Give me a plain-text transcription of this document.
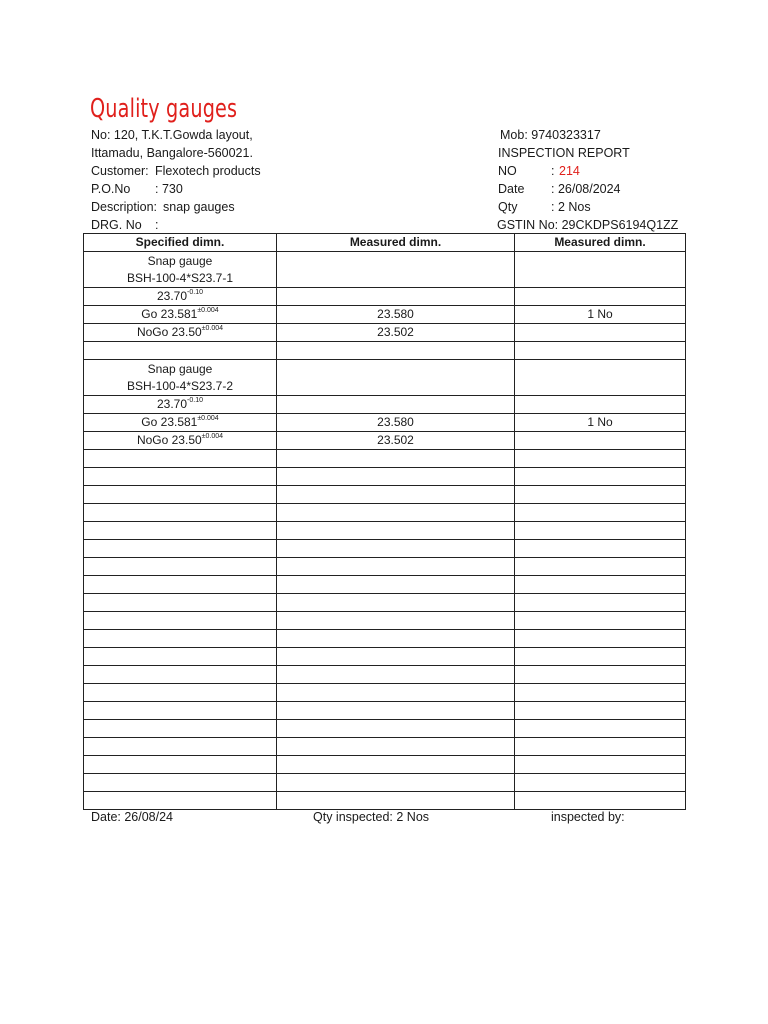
Quality gauges
No: 120, T.K.T.Gowda layout,
Ittamadu, Bangalore-560021.
Customer: Flexotech products
P.O.No : 730
Description: snap gauges
DRG. No :
Mob: 9740323317
INSPECTION REPORT
NO	: 214
Date : 26/08/2024
Qty	: 2 Nos
GSTIN No: 29CKDPS6194Q1ZZ
Specified dimn.	Measured dimn.	Measured dimn.

Snap gauge
BSH-100-4*S23.7-1		

$23.70^{-0.10}$		
Go $23.581^{\pm 0.004}$	23.580	1 No
NoGo $23.50^{\pm 0.004}$	23.502	

Snap gauge
BSH-100-4*S23.7-2		

$23.70^{-0.10}$		
Go $23.581^{\pm 0.004}$	23.580	1 No
NoGo $23.50^{\pm 0.004}$	23.502	

Date: 26/08/24	Qty inspected: 2 Nos	inspected by:
